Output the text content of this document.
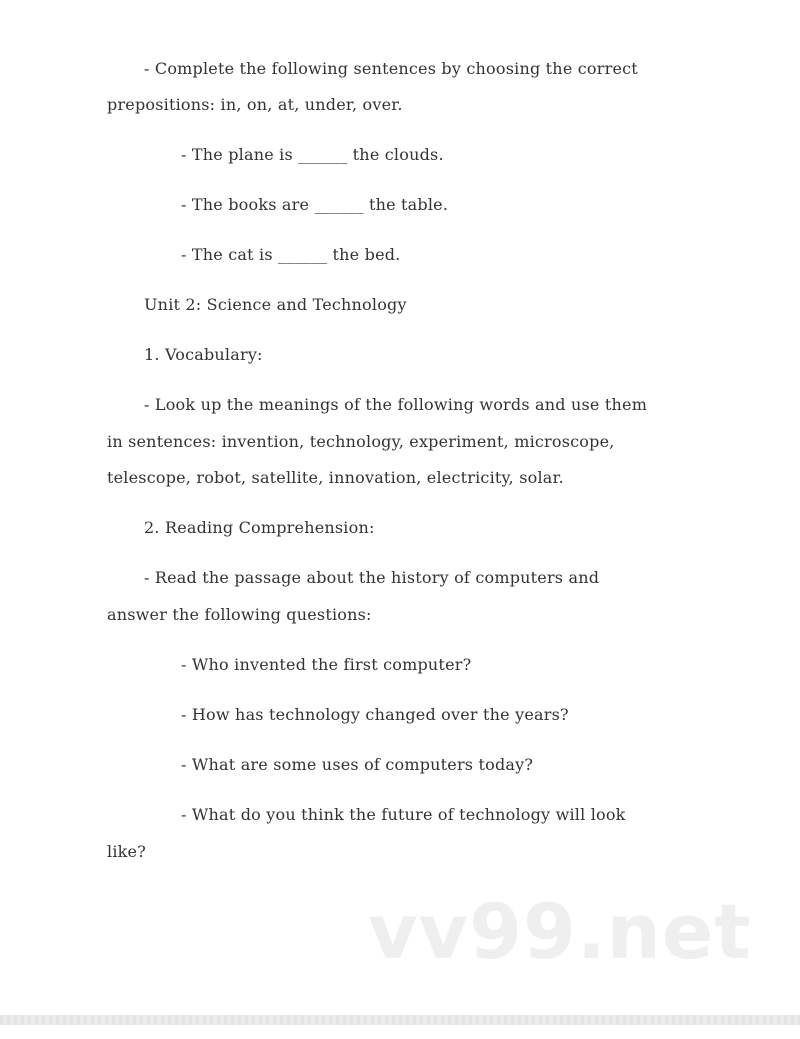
- Complete the following sentences by choosing the correct
prepositions: in, on, at, under, over.
- The plane is ______ the clouds.
- The books are ______ the table.
- The cat is ______ the bed.
Unit 2: Science and Technology
1. Vocabulary:
- Look up the meanings of the following words and use them
in sentences: invention, technology, experiment, microscope,
telescope, robot, satellite, innovation, electricity, solar.
2. Reading Comprehension:
- Read the passage about the history of computers and
answer the following questions:
- Who invented the first computer?
- How has technology changed over the years?
- What are some uses of computers today?
- What do you think the future of technology will look
like?
vv99.net
